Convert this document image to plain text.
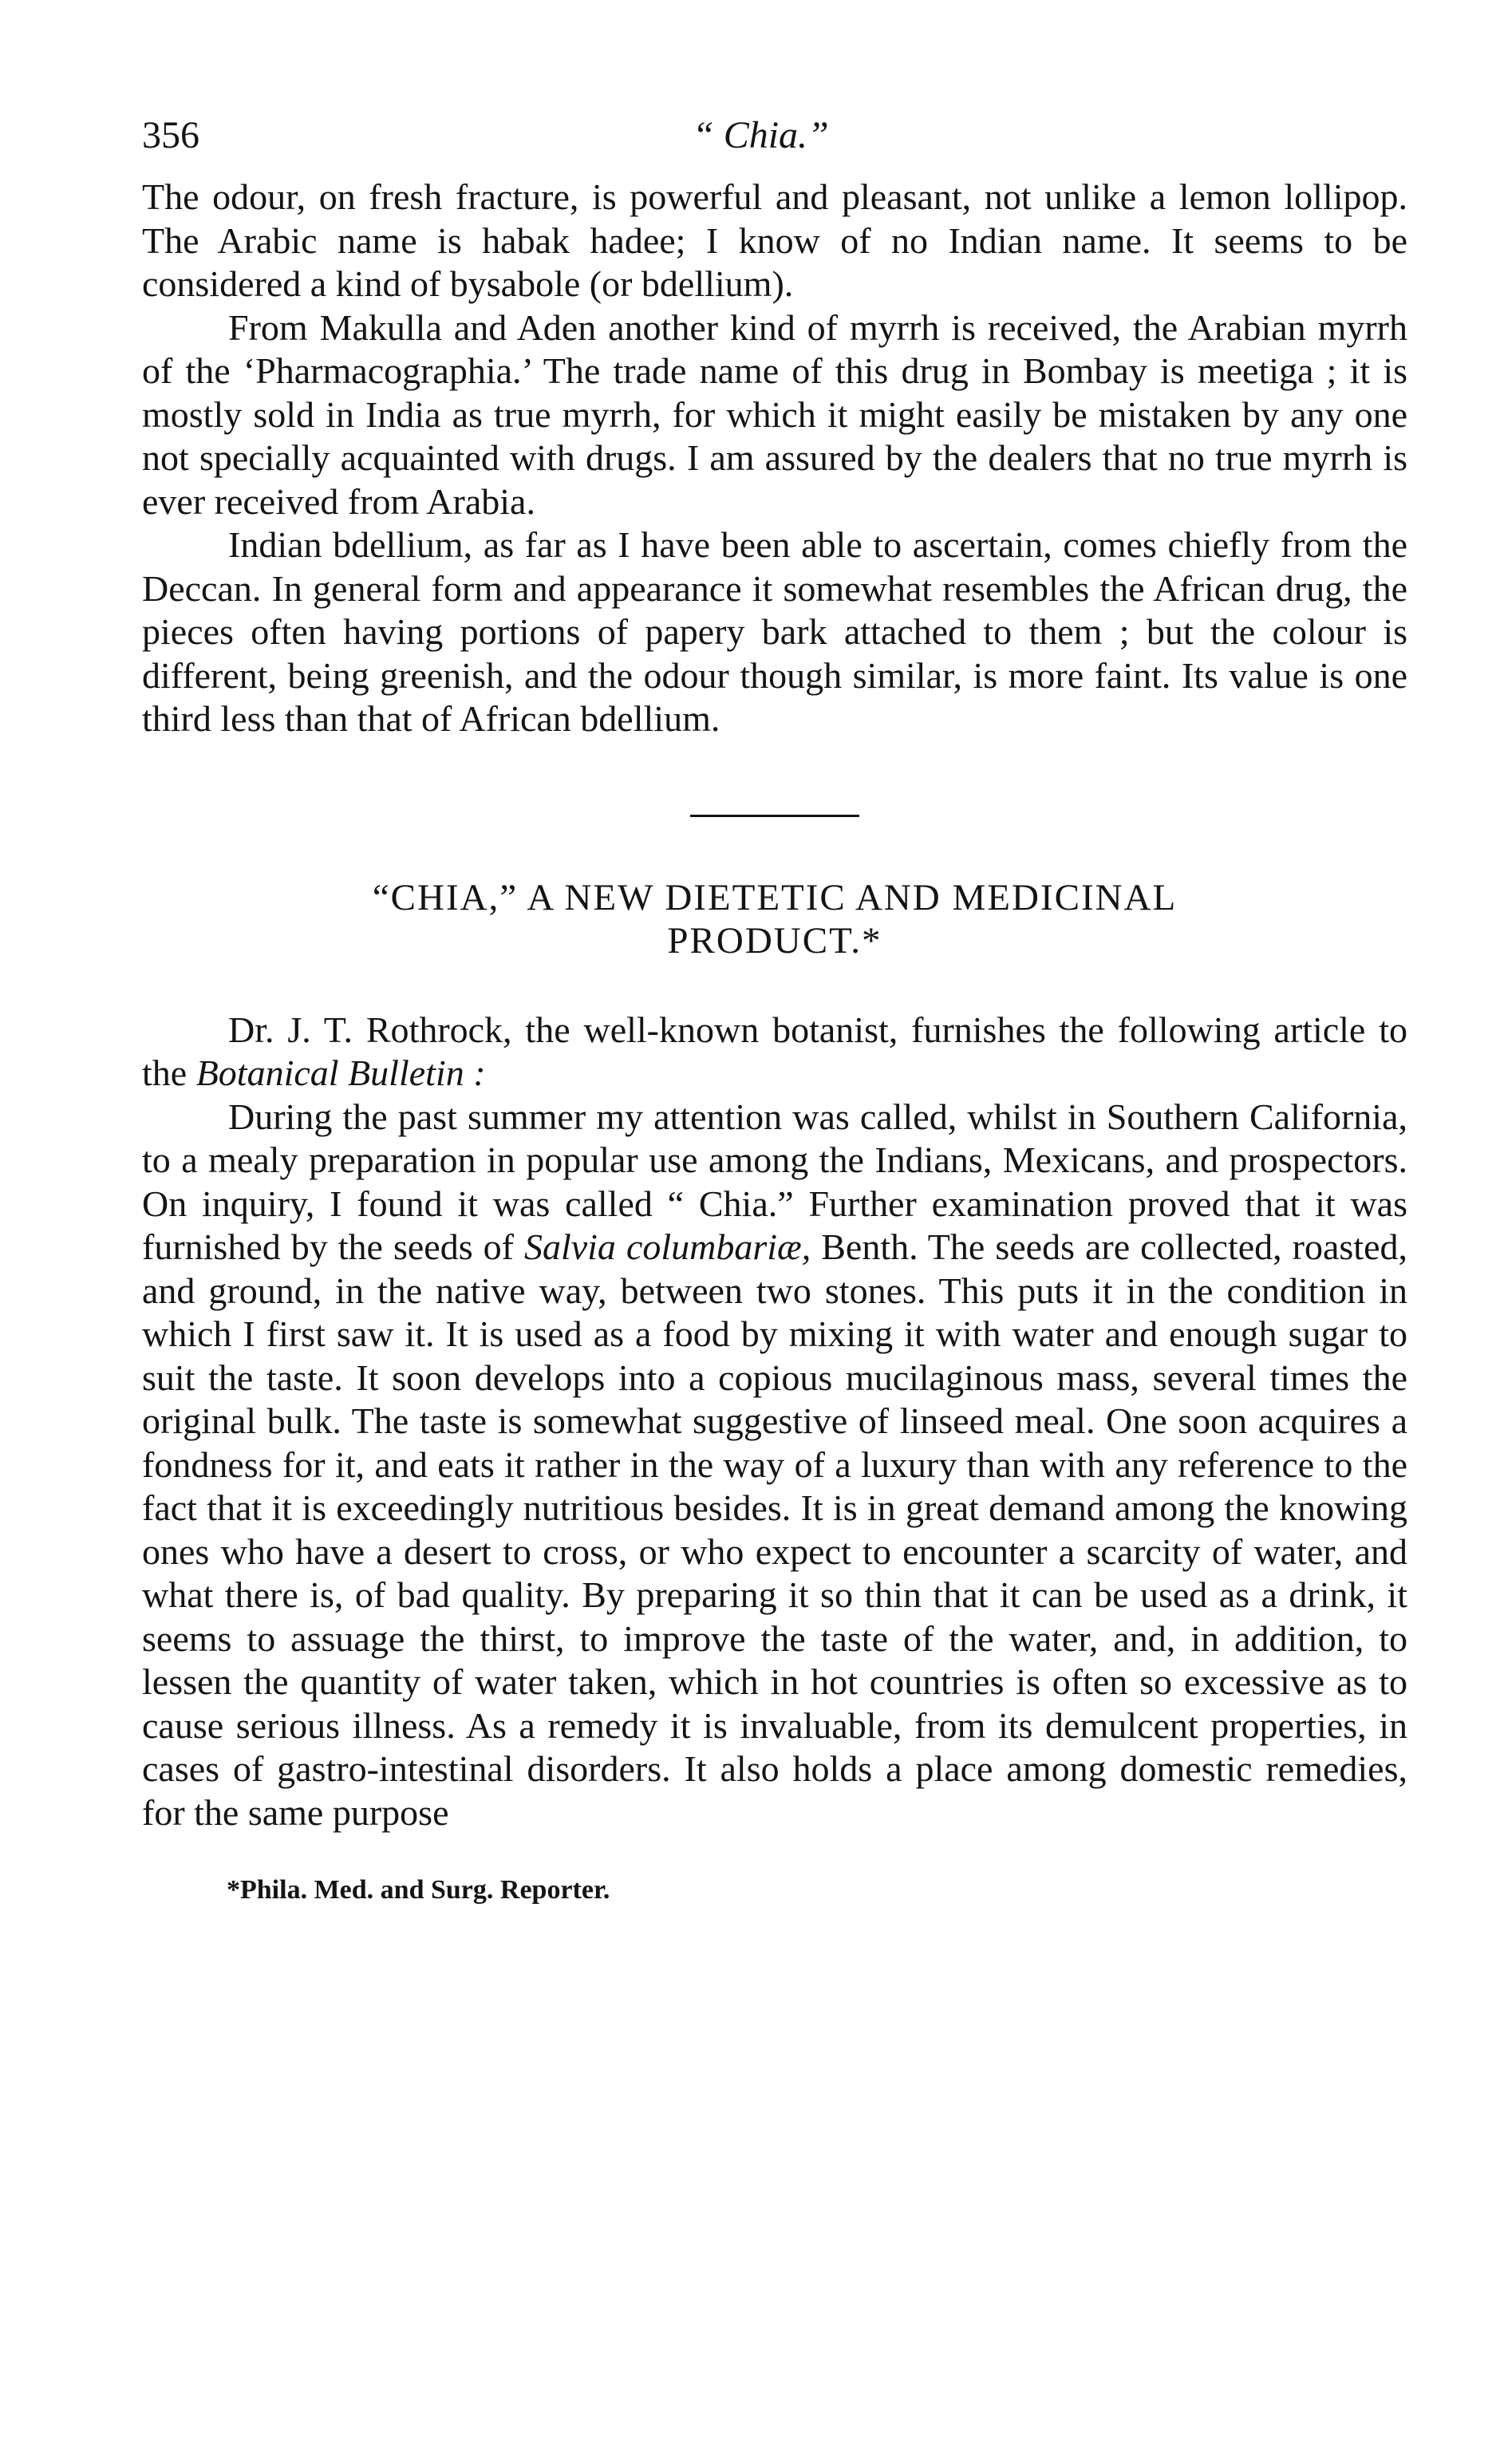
356	“ Chia.”

The odour, on fresh fracture, is powerful and pleasant, not unlike a lemon lollipop. The Arabic name is habak hadee; I know of no Indian name. It seems to be considered a kind of bysabole (or bdellium).

From Makulla and Aden another kind of myrrh is received, the Arabian myrrh of the ‘Pharmacographia.’ The trade name of this drug in Bombay is meetiga ; it is mostly sold in India as true myrrh, for which it might easily be mistaken by any one not specially acquainted with drugs. I am assured by the dealers that no true myrrh is ever received from Arabia.

Indian bdellium, as far as I have been able to ascertain, comes chiefly from the Deccan. In general form and appearance it somewhat resembles the African drug, the pieces often having portions of papery bark attached to them ; but the colour is different, being greenish, and the odour though similar, is more faint. Its value is one third less than that of African bdellium.

“CHIA,” A NEW DIETETIC AND MEDICINAL
PRODUCT.*

Dr. J. T. Rothrock, the well-known botanist, furnishes the following article to the Botanical Bulletin :

During the past summer my attention was called, whilst in Southern California, to a mealy preparation in popular use among the Indians, Mexicans, and prospectors. On inquiry, I found it was called “ Chia.” Further examination proved that it was furnished by the seeds of Salvia columbariæ, Benth. The seeds are collected, roasted, and ground, in the native way, between two stones. This puts it in the condition in which I first saw it. It is used as a food by mixing it with water and enough sugar to suit the taste. It soon develops into a copious mucilaginous mass, several times the original bulk. The taste is somewhat suggestive of linseed meal. One soon acquires a fondness for it, and eats it rather in the way of a luxury than with any reference to the fact that it is exceedingly nutritious besides. It is in great demand among the knowing ones who have a desert to cross, or who expect to encounter a scarcity of water, and what there is, of bad quality. By preparing it so thin that it can be used as a drink, it seems to assuage the thirst, to improve the taste of the water, and, in addition, to lessen the quantity of water taken, which in hot countries is often so excessive as to cause serious illness. As a remedy it is invaluable, from its demulcent properties, in cases of gastro-intestinal disorders. It also holds a place among domestic remedies, for the same purpose

*Phila. Med. and Surg. Reporter.
